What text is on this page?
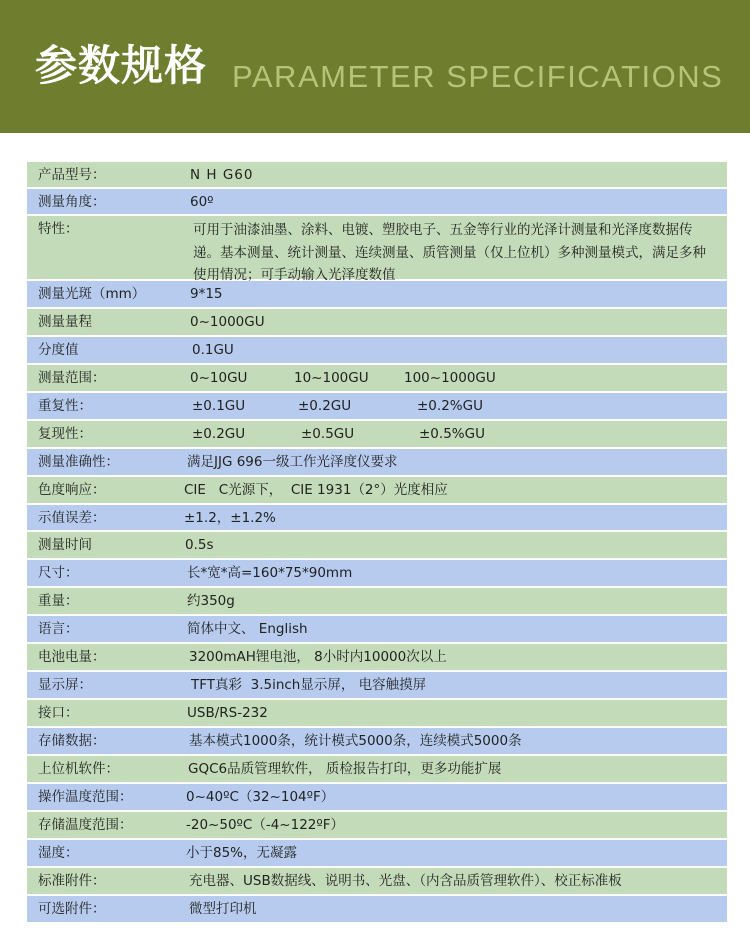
参数规格 PARAMETER SPECIFICATIONS
产品型号：	N H G60
测量角度：	60º
特性：	可用于油漆油墨、涂料、电镀、塑胶电子、五金等行业的光泽计测量和光泽度数据传递。基本测量、统计测量、连续测量、质管测量（仅上位机）多种测量模式，满足多种使用情况；可手动输入光泽度数值
测量光斑（mm）	9*15
测量量程	0~1000GU
分度值	0.1GU
测量范围：	0~10GU	10~100GU	100~1000GU
重复性：	±0.1GU	±0.2GU	±0.2%GU
复现性：	±0.2GU	±0.5GU	±0.5%GU
测量准确性：	满足JJG 696一级工作光泽度仪要求
色度响应：	CIE   C光源下，  CIE 1931（2°）光度相应
示值误差：	±1.2，±1.2%
测量时间	0.5s
尺寸：	长*宽*高=160*75*90mm
重量：	约350g
语言：	简体中文、 English
电池电量：	3200mAH锂电池， 8小时内10000次以上
显示屏：	TFT真彩  3.5inch显示屏， 电容触摸屏
接口：	USB/RS-232
存储数据：	基本模式1000条，统计模式5000条，连续模式5000条
上位机软件：	GQC6品质管理软件， 质检报告打印，更多功能扩展
操作温度范围：	0~40ºC（32~104ºF）
存储温度范围：	-20~50ºC（-4~122ºF）
湿度：	小于85%，无凝露
标准附件：	充电器、USB数据线、说明书、光盘、（内含品质管理软件）、校正标准板
可选附件：	微型打印机
